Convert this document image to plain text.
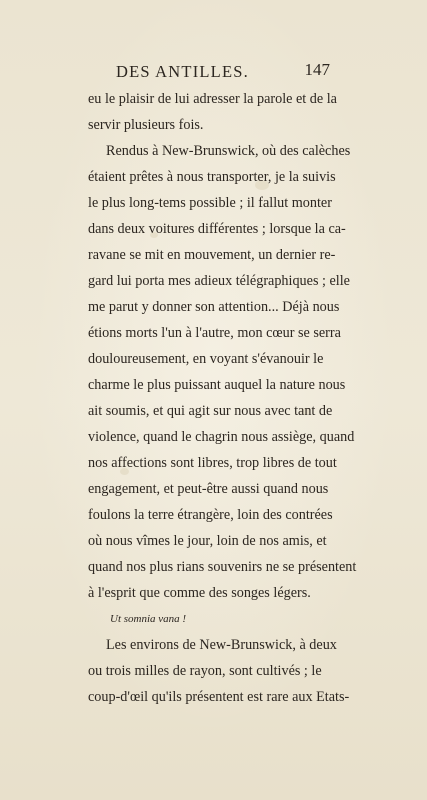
DES ANTILLES.	147
eu le plaisir de lui adresser la parole et de la
servir plusieurs fois.
Rendus à New-Brunswick, où des calèches
étaient prêtes à nous transporter, je la suivis
le plus long-tems possible ; il fallut monter
dans deux voitures différentes ; lorsque la ca-
ravane se mit en mouvement, un dernier re-
gard lui porta mes adieux télégraphiques ; elle
me parut y donner son attention... Déjà nous
étions morts l'un à l'autre, mon cœur se serra
douloureusement, en voyant s'évanouir le
charme le plus puissant auquel la nature nous
ait soumis, et qui agit sur nous avec tant de
violence, quand le chagrin nous assiège, quand
nos affections sont libres, trop libres de tout
engagement, et peut-être aussi quand nous
foulons la terre étrangère, loin des contrées
où nous vîmes le jour, loin de nos amis, et
quand nos plus rians souvenirs ne se présentent
à l'esprit que comme des songes légers.
Ut somnia vana !
Les environs de New-Brunswick, à deux
ou trois milles de rayon, sont cultivés ; le
coup-d'œil qu'ils présentent est rare aux Etats-
